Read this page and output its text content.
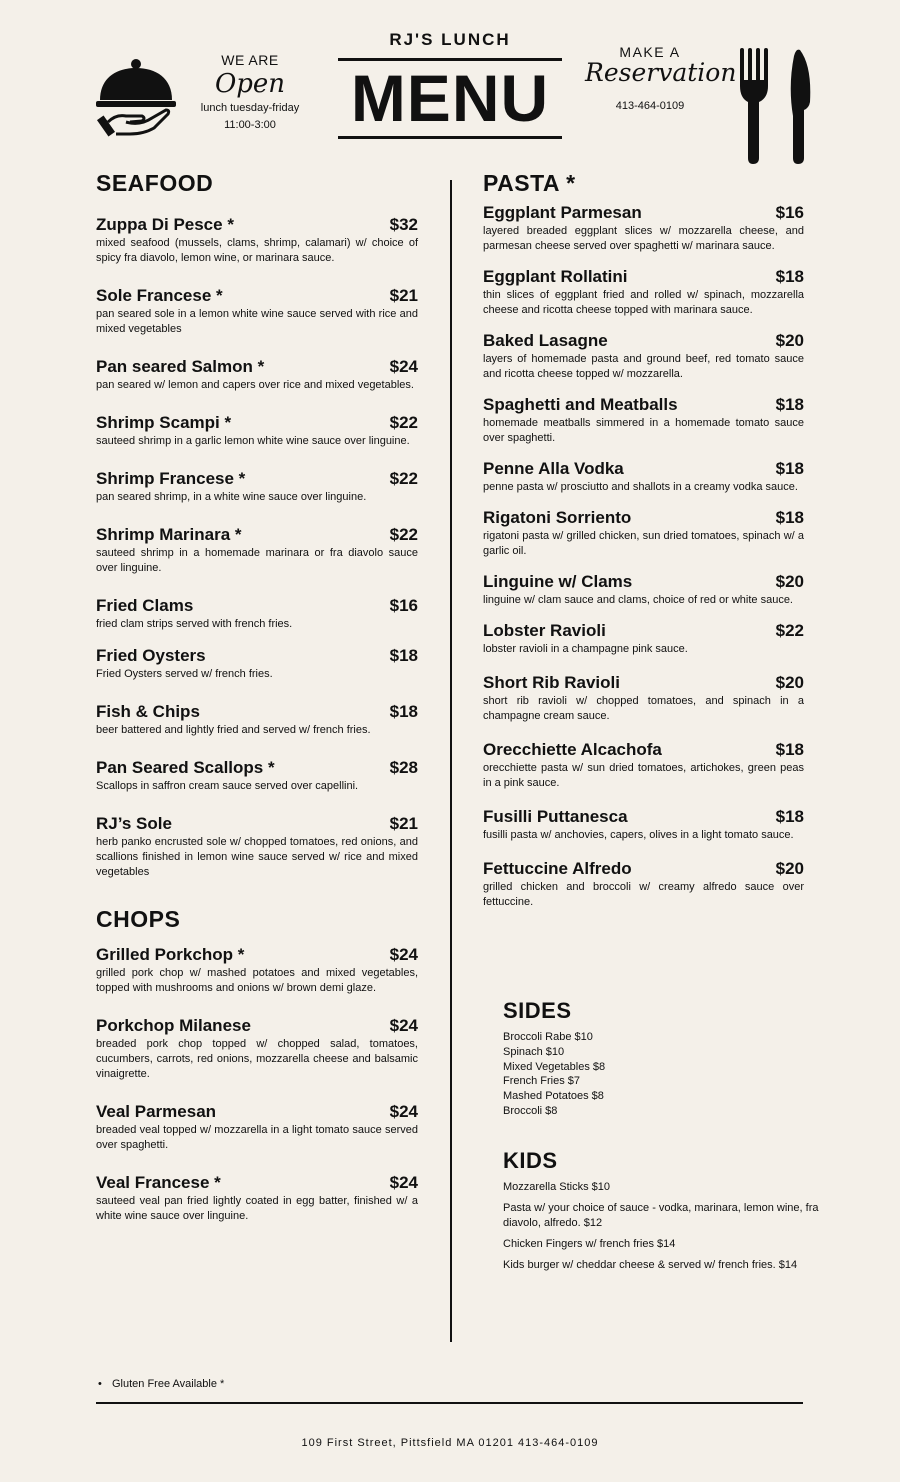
WE ARE
Open
lunch tuesday-friday
11:00-3:00
RJ'S LUNCH
MENU
MAKE A
Reservation
413-464-0109
SEAFOOD
Zuppa Di Pesce *	$32
mixed seafood (mussels, clams, shrimp, calamari) w/ choice of spicy fra diavolo, lemon wine, or marinara sauce.
Sole Francese *	$21
pan seared sole in a lemon white wine sauce served with rice and mixed vegetables
Pan seared Salmon *	$24
pan seared w/ lemon and capers over rice and mixed vegetables.
Shrimp Scampi *	$22
sauteed shrimp in a garlic lemon white wine sauce over linguine.
Shrimp Francese *	$22
pan seared shrimp, in a white wine sauce over linguine.
Shrimp Marinara *	$22
sauteed shrimp in a homemade marinara or fra diavolo sauce over linguine.
Fried Clams	$16
fried clam strips served with french fries.
Fried Oysters	$18
Fried Oysters served w/ french fries.
Fish & Chips	$18
beer battered and lightly fried and served w/ french fries.
Pan Seared Scallops *	$28
Scallops in saffron cream sauce served over capellini.
RJ’s Sole	$21
herb panko encrusted sole w/ chopped tomatoes, red onions, and scallions finished in lemon wine sauce served w/ rice and mixed vegetables
CHOPS
Grilled Porkchop *	$24
grilled pork chop w/ mashed potatoes and mixed vegetables, topped with mushrooms and onions w/ brown demi glaze.
Porkchop Milanese	$24
breaded pork chop topped w/ chopped salad, tomatoes, cucumbers, carrots, red onions, mozzarella cheese and balsamic vinaigrette.
Veal Parmesan	$24
breaded veal topped w/ mozzarella in a light tomato sauce served over spaghetti.
Veal Francese *	$24
sauteed veal pan fried lightly coated in egg batter, finished w/ a white wine sauce over linguine.
PASTA *
Eggplant Parmesan	$16
layered breaded eggplant slices w/ mozzarella cheese, and parmesan cheese served over spaghetti w/ marinara sauce.
Eggplant Rollatini	$18
thin slices of eggplant fried and rolled w/ spinach, mozzarella cheese and ricotta cheese topped with marinara sauce.
Baked Lasagne	$20
layers of homemade pasta and ground beef, red tomato sauce and ricotta cheese topped w/ mozzarella.
Spaghetti and Meatballs	$18
homemade meatballs simmered in a homemade tomato sauce over spaghetti.
Penne Alla Vodka	$18
penne pasta w/ prosciutto and shallots in a creamy vodka sauce.
Rigatoni Sorriento	$18
rigatoni pasta w/ grilled chicken, sun dried tomatoes, spinach w/ a garlic oil.
Linguine w/ Clams	$20
linguine w/ clam sauce and clams, choice of red or white sauce.
Lobster Ravioli	$22
lobster ravioli in a champagne pink sauce.
Short Rib Ravioli	$20
short rib ravioli w/ chopped tomatoes, and spinach in a champagne cream sauce.
Orecchiette Alcachofa	$18
orecchiette pasta w/ sun dried tomatoes, artichokes, green peas in a pink sauce.
Fusilli Puttanesca	$18
fusilli pasta w/ anchovies, capers, olives in a light tomato sauce.
Fettuccine Alfredo	$20
grilled chicken and broccoli w/ creamy alfredo sauce over fettuccine.
SIDES
Broccoli Rabe $10
Spinach $10
Mixed Vegetables $8
French Fries $7
Mashed Potatoes $8
Broccoli $8
KIDS
Mozzarella Sticks $10
Pasta w/ your choice of sauce - vodka, marinara, lemon wine, fra diavolo, alfredo. $12
Chicken Fingers w/ french fries $14
Kids burger w/ cheddar cheese & served w/ french fries. $14
• Gluten Free Available *
109 First Street, Pittsfield MA 01201 413-464-0109
